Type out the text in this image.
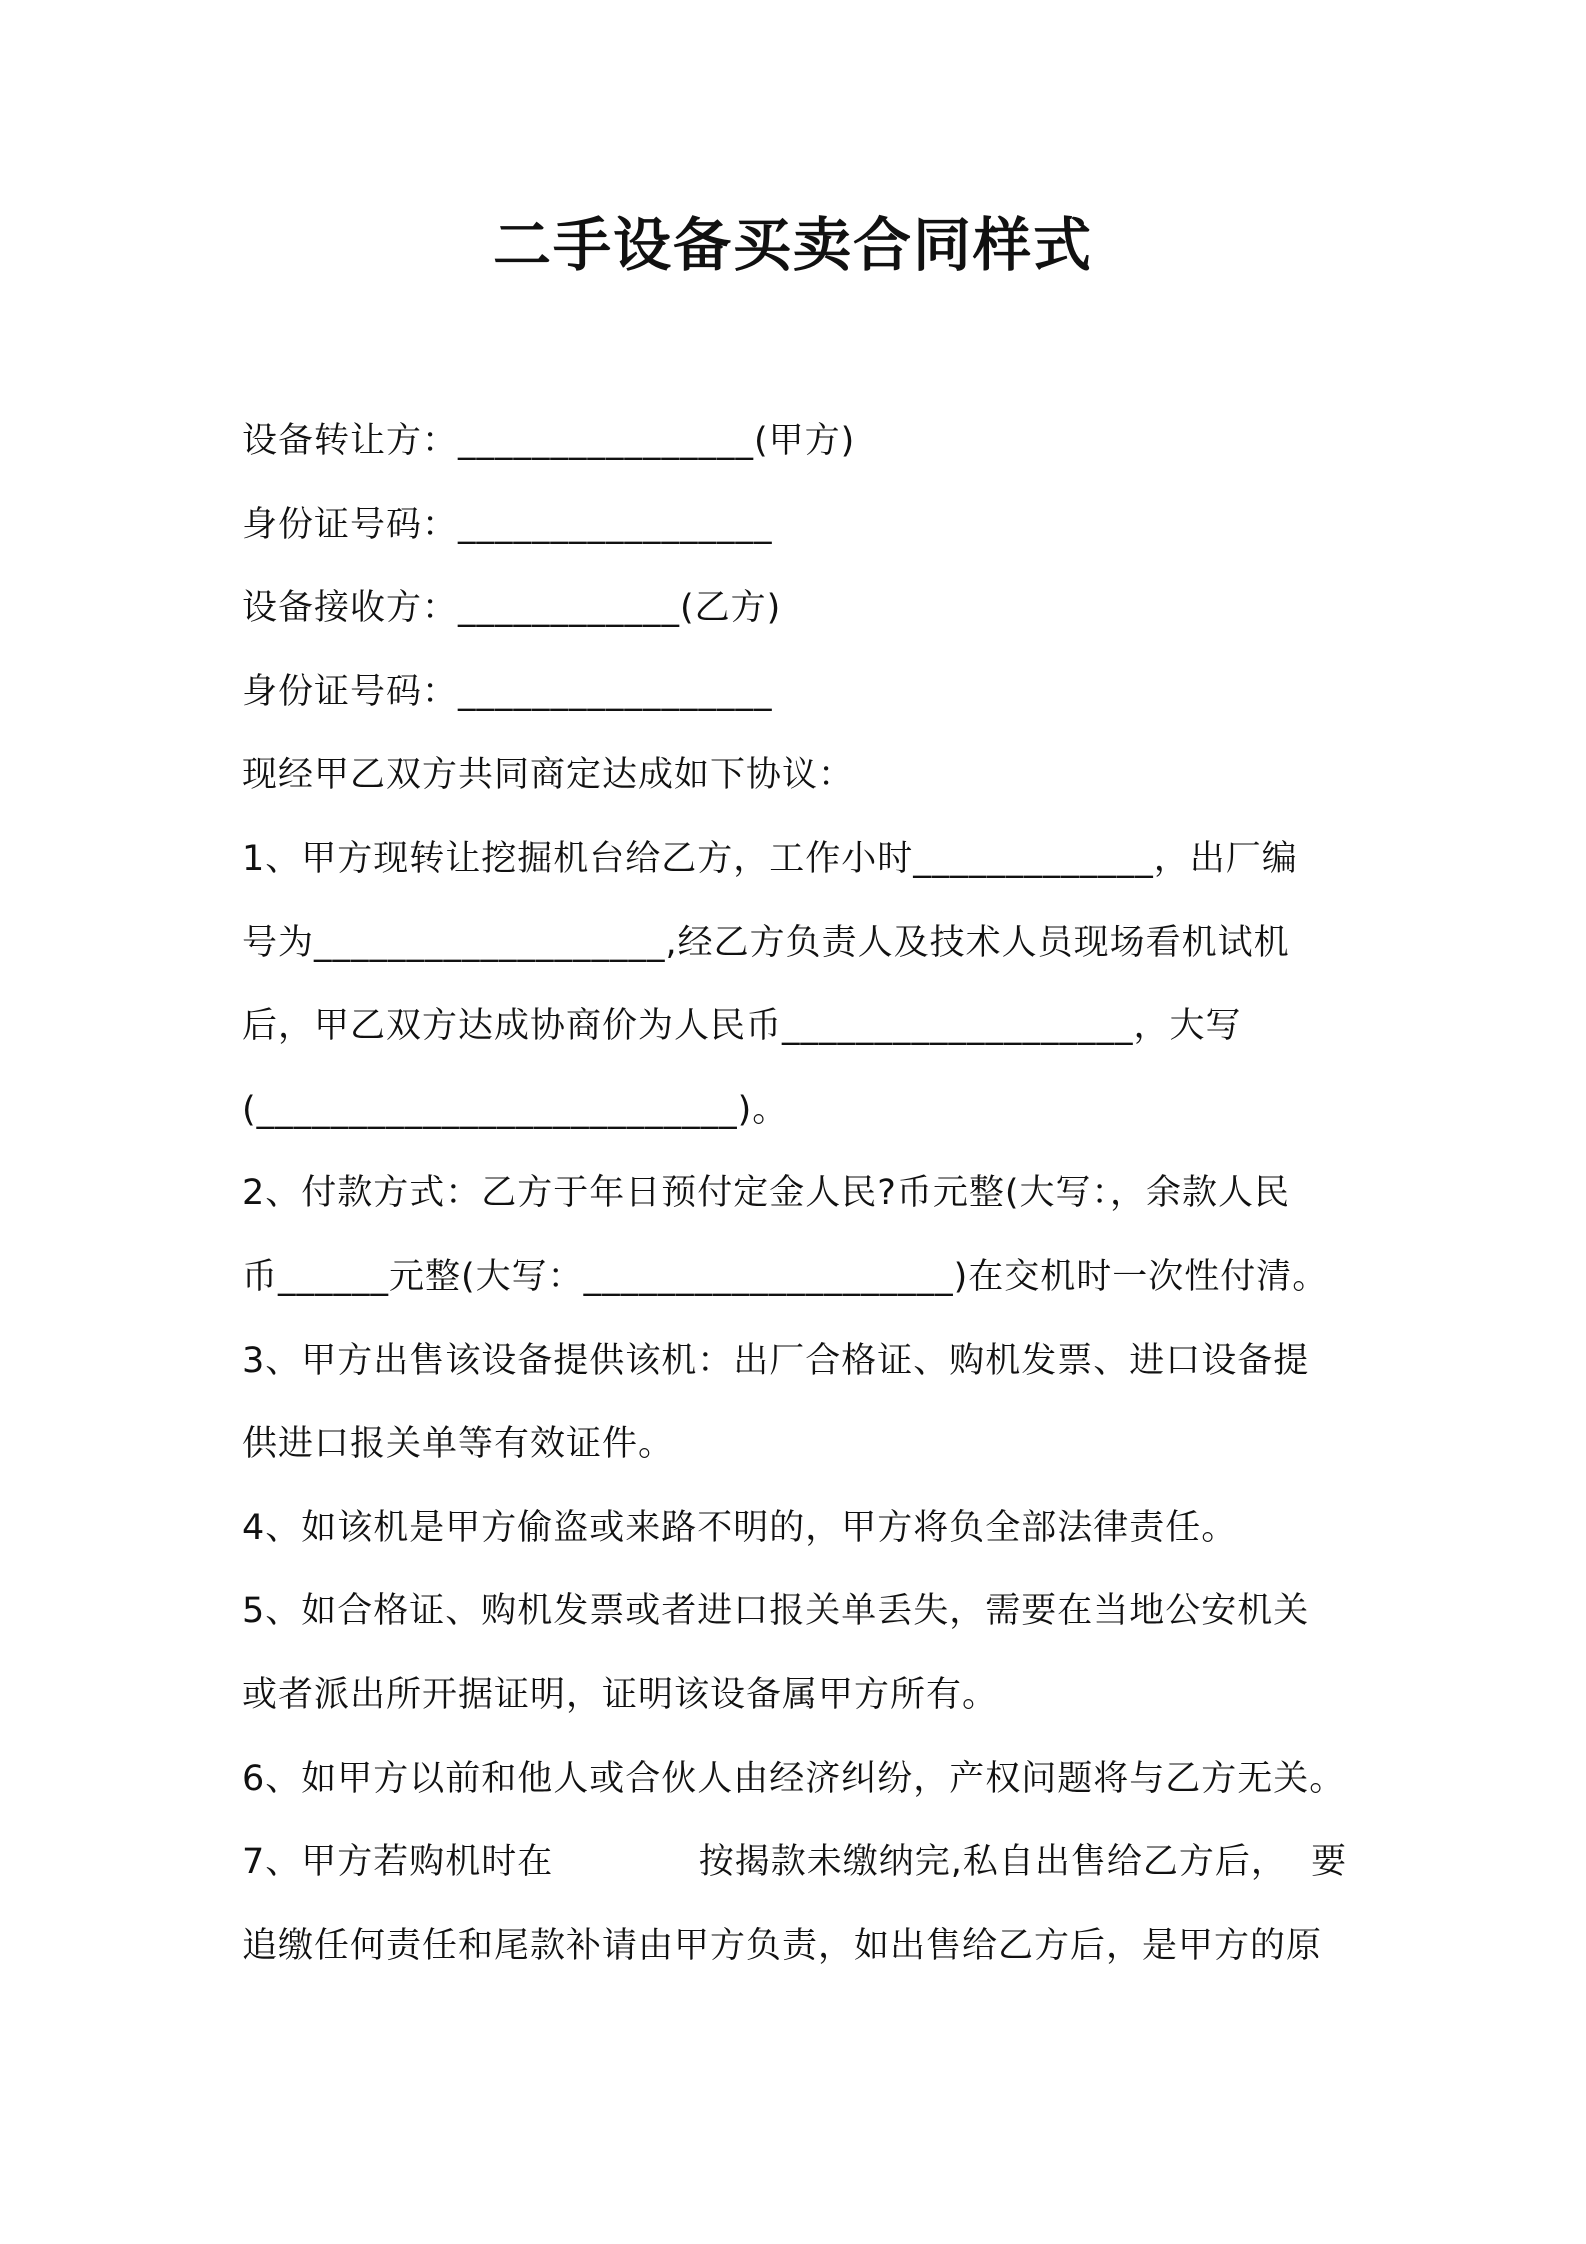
二手设备买卖合同样式
设备转让方：________________(甲方)
身份证号码：_________________
设备接收方：____________(乙方)
身份证号码：_________________
现经甲乙双方共同商定达成如下协议：
1、甲方现转让挖掘机台给乙方，工作小时_____________，出厂编
号为___________________,经乙方负责人及技术人员现场看机试机
后，甲乙双方达成协商价为人民币___________________，大写
(__________________________)。
2、付款方式：乙方于年日预付定金人民?币元整(大写：，余款人民
币______元整(大写：____________________)在交机时一次性付清。
3、甲方出售该设备提供该机：出厂合格证、购机发票、进口设备提
供进口报关单等有效证件。
4、如该机是甲方偷盗或来路不明的，甲方将负全部法律责任。
5、如合格证、购机发票或者进口报关单丢失，需要在当地公安机关
或者派出所开据证明，证明该设备属甲方所有。
6、如甲方以前和他人或合伙人由经济纠纷，产权问题将与乙方无关。
7、甲方若购机时在            按揭款未缴纳完,私自出售给乙方后，  要
追缴任何责任和尾款补请由甲方负责，如出售给乙方后，是甲方的原
